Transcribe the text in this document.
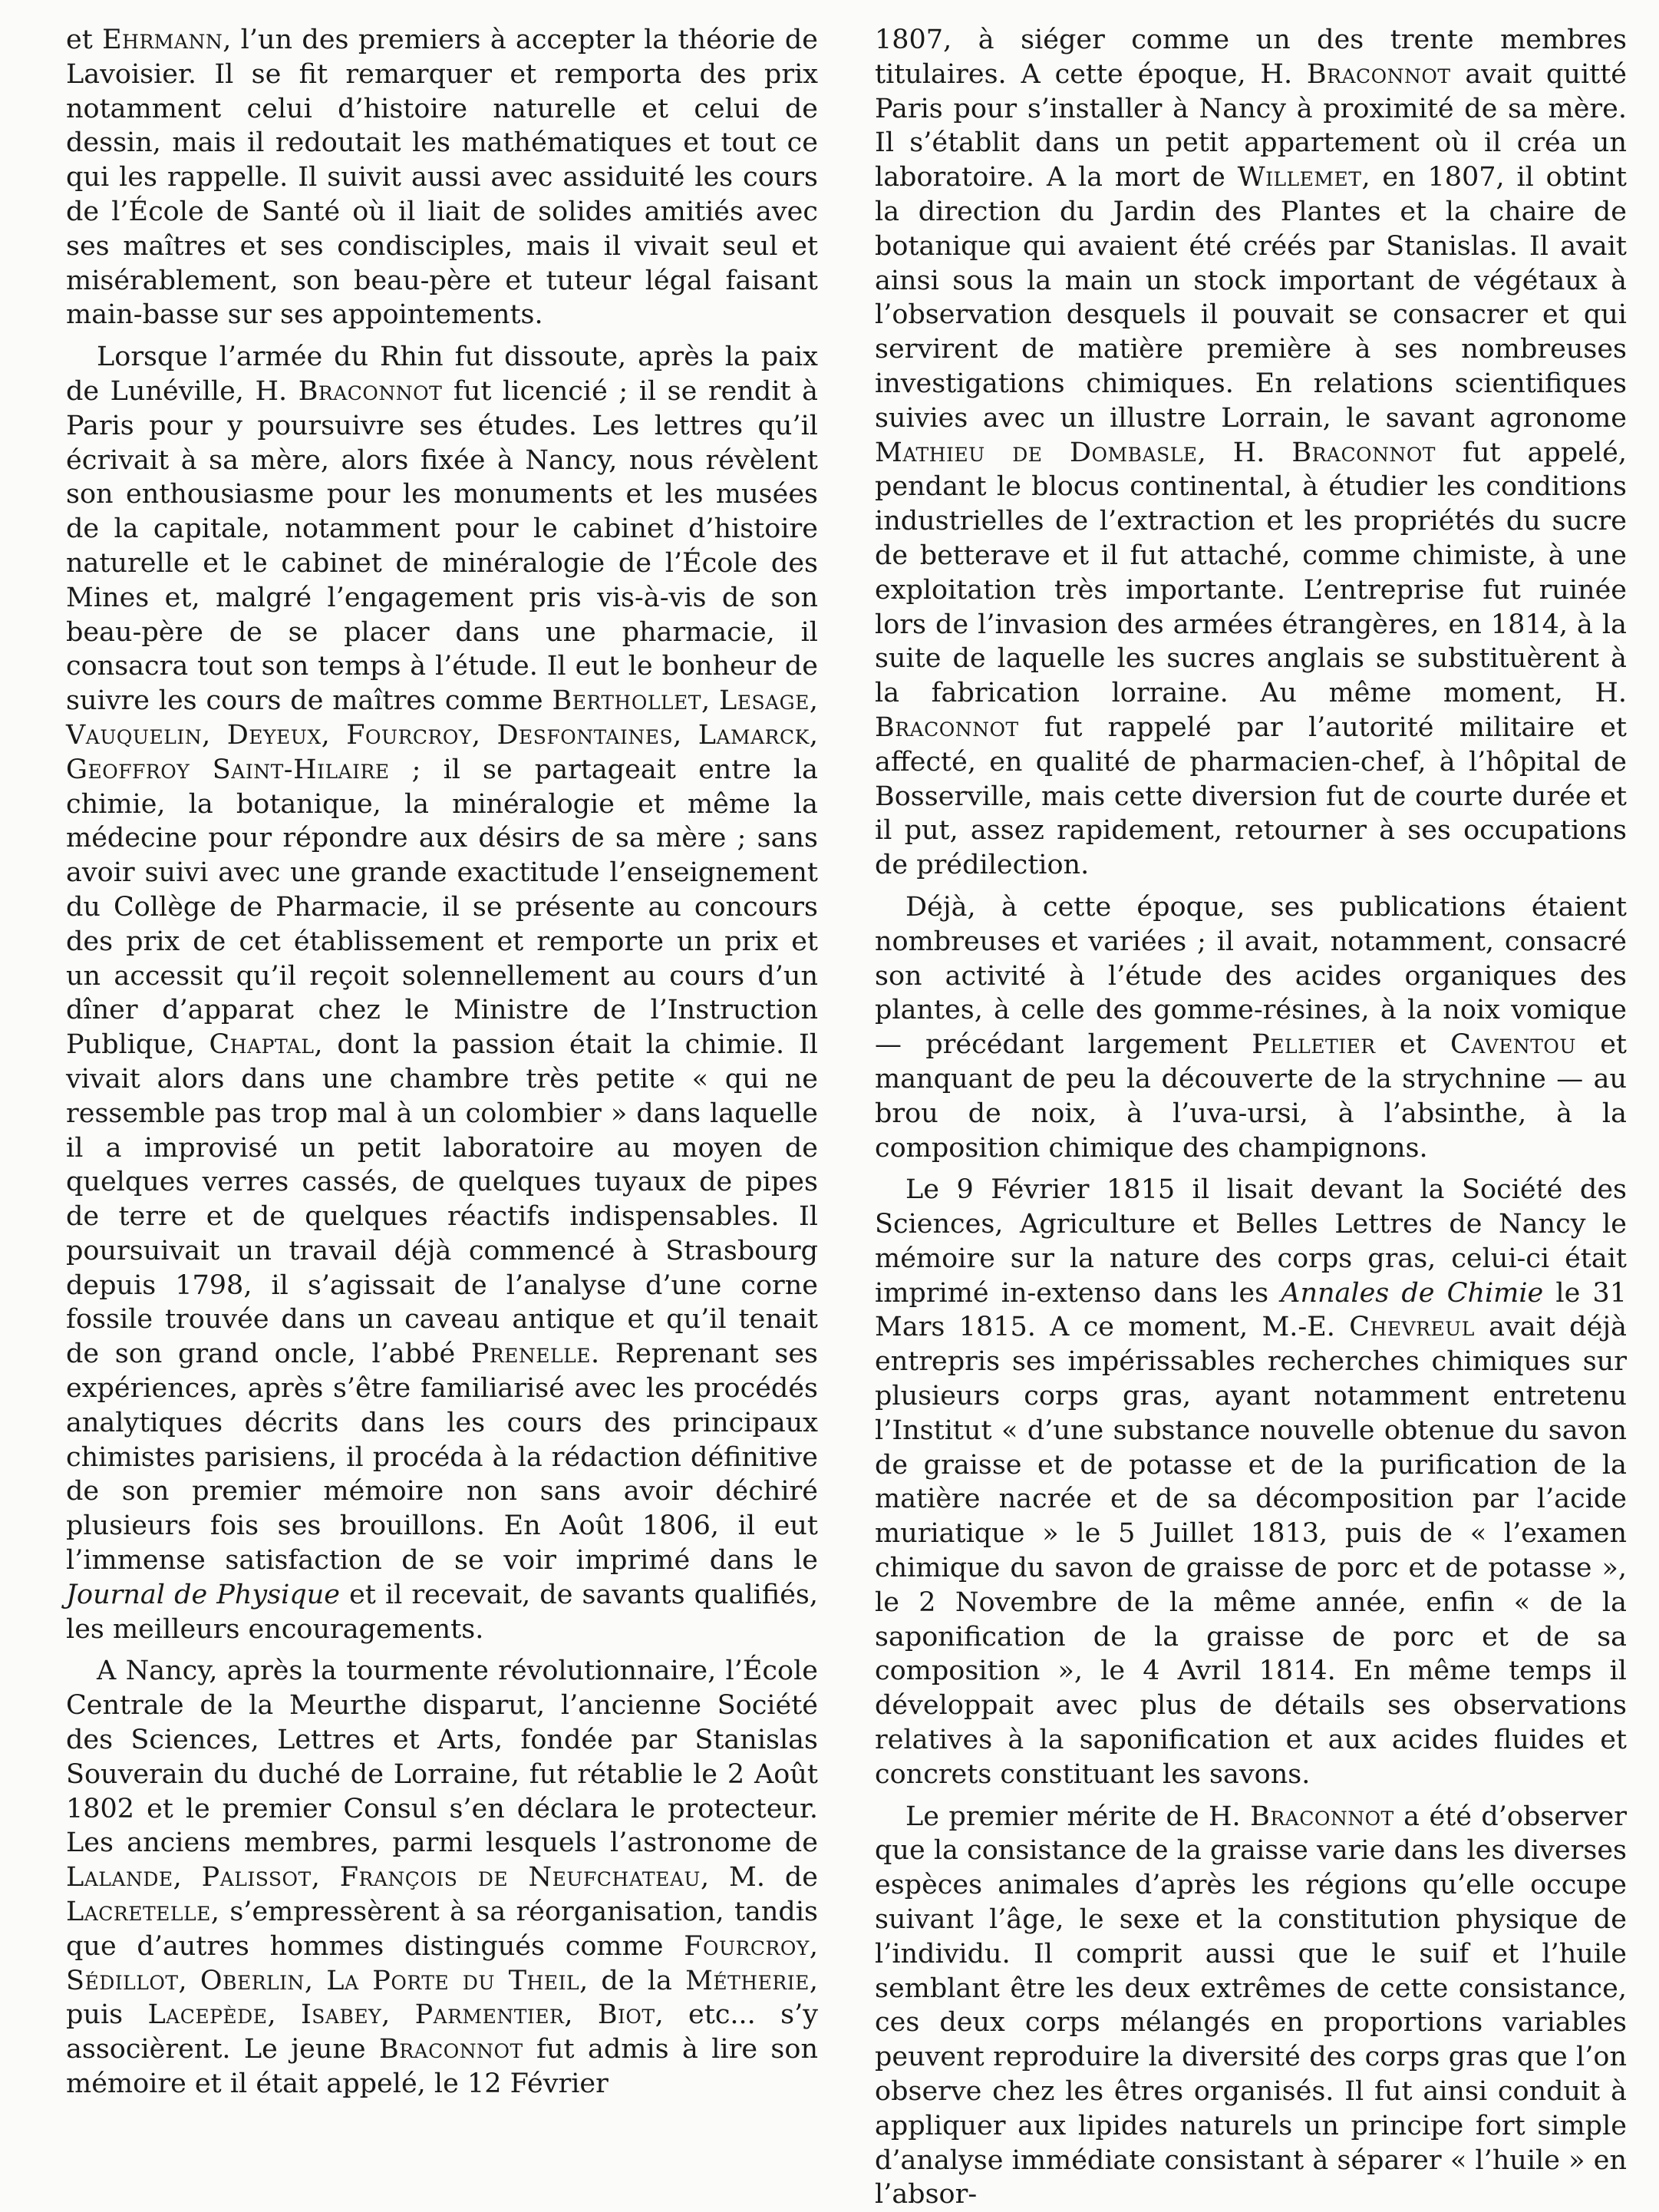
et Ehrmann, l’un des premiers à accepter la théorie de Lavoisier. Il se fit remarquer et remporta des prix notamment celui d’histoire naturelle et celui de dessin, mais il redoutait les mathématiques et tout ce qui les rappelle. Il suivit aussi avec assiduité les cours de l’École de Santé où il liait de solides amitiés avec ses maîtres et ses condisciples, mais il vivait seul et misérablement, son beau-père et tuteur légal faisant main-basse sur ses appointements.

Lorsque l’armée du Rhin fut dissoute, après la paix de Lunéville, H. Braconnot fut licencié ; il se rendit à Paris pour y poursuivre ses études. Les lettres qu’il écrivait à sa mère, alors fixée à Nancy, nous révèlent son enthousiasme pour les monuments et les musées de la capitale, notamment pour le cabinet d’histoire naturelle et le cabinet de minéralogie de l’École des Mines et, malgré l’engagement pris vis-à-vis de son beau-père de se placer dans une pharmacie, il consacra tout son temps à l’étude. Il eut le bonheur de suivre les cours de maîtres comme Berthollet, Lesage, Vauquelin, Deyeux, Fourcroy, Desfontaines, Lamarck, Geoffroy Saint-Hilaire ; il se partageait entre la chimie, la botanique, la minéralogie et même la médecine pour répondre aux désirs de sa mère ; sans avoir suivi avec une grande exactitude l’enseignement du Collège de Pharmacie, il se présente au concours des prix de cet établissement et remporte un prix et un accessit qu’il reçoit solennellement au cours d’un dîner d’apparat chez le Ministre de l’Instruction Publique, Chaptal, dont la passion était la chimie. Il vivait alors dans une chambre très petite « qui ne ressemble pas trop mal à un colombier » dans laquelle il a improvisé un petit laboratoire au moyen de quelques verres cassés, de quelques tuyaux de pipes de terre et de quelques réactifs indispensables. Il poursuivait un travail déjà commencé à Strasbourg depuis 1798, il s’agissait de l’analyse d’une corne fossile trouvée dans un caveau antique et qu’il tenait de son grand oncle, l’abbé Prenelle. Reprenant ses expériences, après s’être familiarisé avec les procédés analytiques décrits dans les cours des principaux chimistes parisiens, il procéda à la rédaction définitive de son premier mémoire non sans avoir déchiré plusieurs fois ses brouillons. En Août 1806, il eut l’immense satisfaction de se voir imprimé dans le Journal de Physique et il recevait, de savants qualifiés, les meilleurs encouragements.

A Nancy, après la tourmente révolutionnaire, l’École Centrale de la Meurthe disparut, l’ancienne Société des Sciences, Lettres et Arts, fondée par Stanislas Souverain du duché de Lorraine, fut rétablie le 2 Août 1802 et le premier Consul s’en déclara le protecteur. Les anciens membres, parmi lesquels l’astronome de Lalande, Palissot, François de Neufchateau, M. de Lacretelle, s’empressèrent à sa réorganisation, tandis que d’autres hommes distingués comme Fourcroy, Sédillot, Oberlin, La Porte du Theil, de la Métherie, puis Lacepède, Isabey, Parmentier, Biot, etc... s’y associèrent. Le jeune Braconnot fut admis à lire son mémoire et il était appelé, le 12 Février

1807, à siéger comme un des trente membres titulaires. A cette époque, H. Braconnot avait quitté Paris pour s’installer à Nancy à proximité de sa mère. Il s’établit dans un petit appartement où il créa un laboratoire. A la mort de Willemet, en 1807, il obtint la direction du Jardin des Plantes et la chaire de botanique qui avaient été créés par Stanislas. Il avait ainsi sous la main un stock important de végétaux à l’observation desquels il pouvait se consacrer et qui servirent de matière première à ses nombreuses investigations chimiques. En relations scientifiques suivies avec un illustre Lorrain, le savant agronome Mathieu de Dombasle, H. Braconnot fut appelé, pendant le blocus continental, à étudier les conditions industrielles de l’extraction et les propriétés du sucre de betterave et il fut attaché, comme chimiste, à une exploitation très importante. L’entreprise fut ruinée lors de l’invasion des armées étrangères, en 1814, à la suite de laquelle les sucres anglais se substituèrent à la fabrication lorraine. Au même moment, H. Braconnot fut rappelé par l’autorité militaire et affecté, en qualité de pharmacien-chef, à l’hôpital de Bosserville, mais cette diversion fut de courte durée et il put, assez rapidement, retourner à ses occupations de prédilection.

Déjà, à cette époque, ses publications étaient nombreuses et variées ; il avait, notamment, consacré son activité à l’étude des acides organiques des plantes, à celle des gomme-résines, à la noix vomique — précédant largement Pelletier et Caventou et manquant de peu la découverte de la strychnine — au brou de noix, à l’uva-ursi, à l’absinthe, à la composition chimique des champignons.

Le 9 Février 1815 il lisait devant la Société des Sciences, Agriculture et Belles Lettres de Nancy le mémoire sur la nature des corps gras, celui-ci était imprimé in-extenso dans les Annales de Chimie le 31 Mars 1815. A ce moment, M.-E. Chevreul avait déjà entrepris ses impérissables recherches chimiques sur plusieurs corps gras, ayant notamment entretenu l’Institut « d’une substance nouvelle obtenue du savon de graisse et de potasse et de la purification de la matière nacrée et de sa décomposition par l’acide muriatique » le 5 Juillet 1813, puis de « l’examen chimique du savon de graisse de porc et de potasse », le 2 Novembre de la même année, enfin « de la saponification de la graisse de porc et de sa composition », le 4 Avril 1814. En même temps il développait avec plus de détails ses observations relatives à la saponification et aux acides fluides et concrets constituant les savons.

Le premier mérite de H. Braconnot a été d’observer que la consistance de la graisse varie dans les diverses espèces animales d’après les régions qu’elle occupe suivant l’âge, le sexe et la constitution physique de l’individu. Il comprit aussi que le suif et l’huile semblant être les deux extrêmes de cette consistance, ces deux corps mélangés en proportions variables peuvent reproduire la diversité des corps gras que l’on observe chez les êtres organisés. Il fut ainsi conduit à appliquer aux lipides naturels un principe fort simple d’analyse immédiate consistant à séparer « l’huile » en l’absor-
